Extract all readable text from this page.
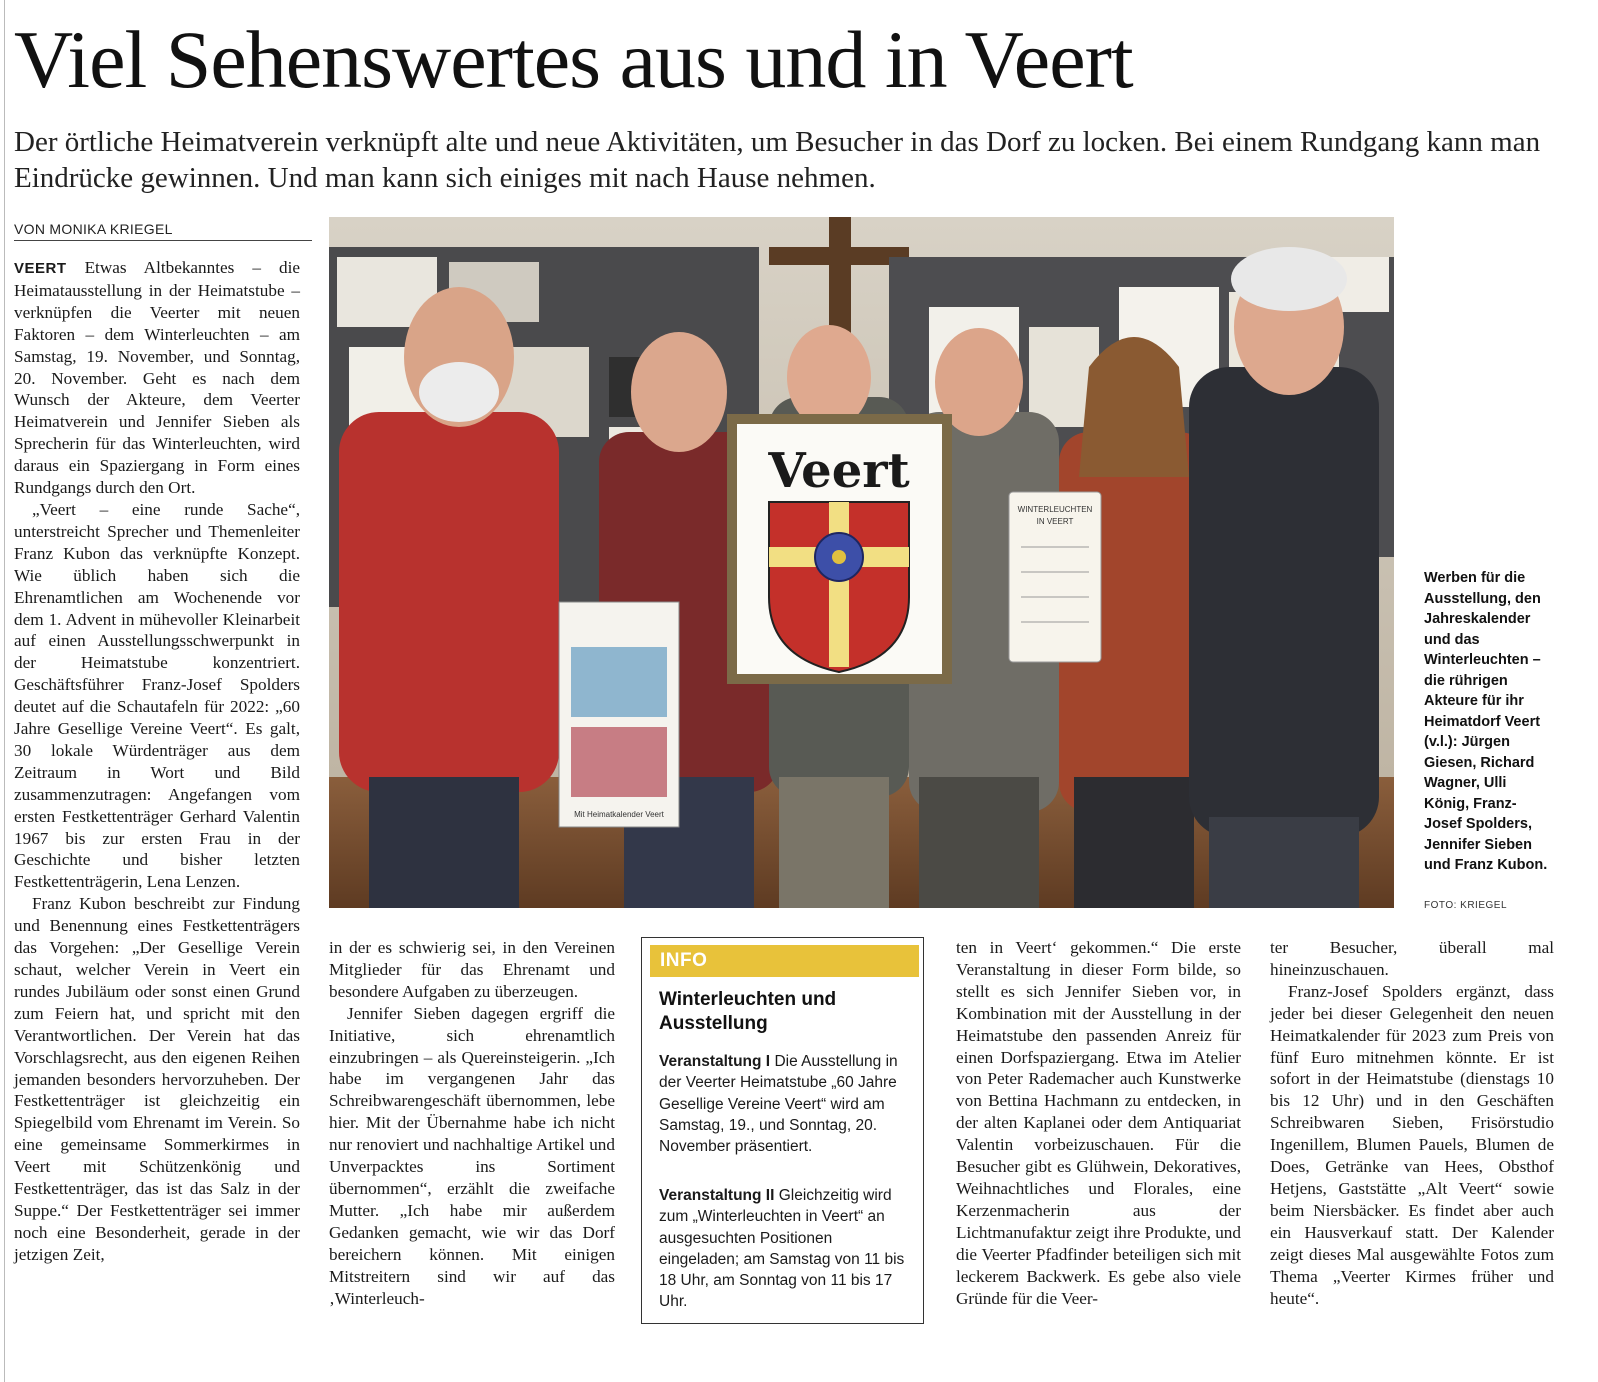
Viel Sehenswertes aus und in Veert

Der örtliche Heimatverein verknüpft alte und neue Aktivitäten, um Besucher in das Dorf zu locken. Bei einem Rundgang kann man Eindrücke gewinnen. Und man kann sich einiges mit nach Hause nehmen.

VON MONIKA KRIEGEL

VEERT Etwas Altbekanntes – die Heimatausstellung in der Heimatstube – verknüpfen die Veerter mit neuen Faktoren – dem Winterleuchten – am Samstag, 19. November, und Sonntag, 20. November. Geht es nach dem Wunsch der Akteure, dem Veerter Heimatverein und Jennifer Sieben als Sprecherin für das Winterleuchten, wird daraus ein Spaziergang in Form eines Rundgangs durch den Ort.

„Veert – eine runde Sache“, unterstreicht Sprecher und Themenleiter Franz Kubon das verknüpfte Konzept. Wie üblich haben sich die Ehrenamtlichen am Wochenende vor dem 1. Advent in mühevoller Kleinarbeit auf einen Ausstellungsschwerpunkt in der Heimatstube konzentriert. Geschäftsführer Franz-Josef Spolders deutet auf die Schautafeln für 2022: „60 Jahre Gesellige Vereine Veert“. Es galt, 30 lokale Würdenträger aus dem Zeitraum in Wort und Bild zusammenzutragen: Angefangen vom ersten Festkettenträger Gerhard Valentin 1967 bis zur ersten Frau in der Geschichte und bisher letzten Festkettenträgerin, Lena Lenzen.

Franz Kubon beschreibt zur Findung und Benennung eines Festkettenträgers das Vorgehen: „Der Gesellige Verein schaut, welcher Verein in Veert ein rundes Jubiläum oder sonst einen Grund zum Feiern hat, und spricht mit den Verantwortlichen. Der Verein hat das Vorschlagsrecht, aus den eigenen Reihen jemanden besonders hervorzuheben. Der Festkettenträger ist gleichzeitig ein Spiegelbild vom Ehrenamt im Verein. So eine gemeinsame Sommerkirmes in Veert mit Schützenkönig und Festkettenträger, das ist das Salz in der Suppe.“ Der Festkettenträger sei immer noch eine Besonderheit, gerade in der jetzigen Zeit,

Mit Heimatkalender Veert
Veert
WINTERLEUCHTEN
IN VEERT
Werben für die Ausstellung, den Jahreskalender und das Winterleuchten – die rührigen Akteure für ihr Heimatdorf Veert (v.l.): Jürgen Giesen, Richard Wagner, Ulli König, Franz-Josef Spolders, Jennifer Sieben und Franz Kubon.
FOTO: KRIEGEL

in der es schwierig sei, in den Vereinen Mitglieder für das Ehrenamt und besondere Aufgaben zu überzeugen.

Jennifer Sieben dagegen ergriff die Initiative, sich ehrenamtlich einzubringen – als Quereinsteigerin. „Ich habe im vergangenen Jahr das Schreibwarengeschäft übernommen, lebe hier. Mit der Übernahme habe ich nicht nur renoviert und nachhaltige Artikel und Unverpacktes ins Sortiment übernommen“, erzählt die zweifache Mutter. „Ich habe mir außerdem Gedanken gemacht, wie wir das Dorf bereichern können. Mit einigen Mitstreitern sind wir auf das ‚Winterleuch-

INFO
Winterleuchten und Ausstellung
Veranstaltung I Die Ausstellung in der Veerter Heimatstube „60 Jahre Gesellige Vereine Veert“ wird am Samstag, 19., und Sonntag, 20. November präsentiert.
Veranstaltung II Gleichzeitig wird zum „Winterleuchten in Veert“ an ausgesuchten Positionen eingeladen; am Samstag von 11 bis 18 Uhr, am Sonntag von 11 bis 17 Uhr.

ten in Veert‘ gekommen.“ Die erste Veranstaltung in dieser Form bilde, so stellt es sich Jennifer Sieben vor, in Kombination mit der Ausstellung in der Heimatstube den passenden Anreiz für einen Dorfspaziergang. Etwa im Atelier von Peter Rademacher auch Kunstwerke von Bettina Hachmann zu entdecken, in der alten Kaplanei oder dem Antiquariat Valentin vorbeizuschauen. Für die Besucher gibt es Glühwein, Dekoratives, Weihnachtliches und Florales, eine Kerzenmacherin aus der Lichtmanufaktur zeigt ihre Produkte, und die Veerter Pfadfinder beteiligen sich mit leckerem Backwerk. Es gebe also viele Gründe für die Veer-

ter Besucher, überall mal hineinzuschauen.

Franz-Josef Spolders ergänzt, dass jeder bei dieser Gelegenheit den neuen Heimatkalender für 2023 zum Preis von fünf Euro mitnehmen könnte. Er ist sofort in der Heimatstube (dienstags 10 bis 12 Uhr) und in den Geschäften Schreibwaren Sieben, Frisörstudio Ingenillem, Blumen Pauels, Blumen de Does, Getränke van Hees, Obsthof Hetjens, Gaststätte „Alt Veert“ sowie beim Niersbäcker. Es findet aber auch ein Hausverkauf statt. Der Kalender zeigt dieses Mal ausgewählte Fotos zum Thema „Veerter Kirmes früher und heute“.
